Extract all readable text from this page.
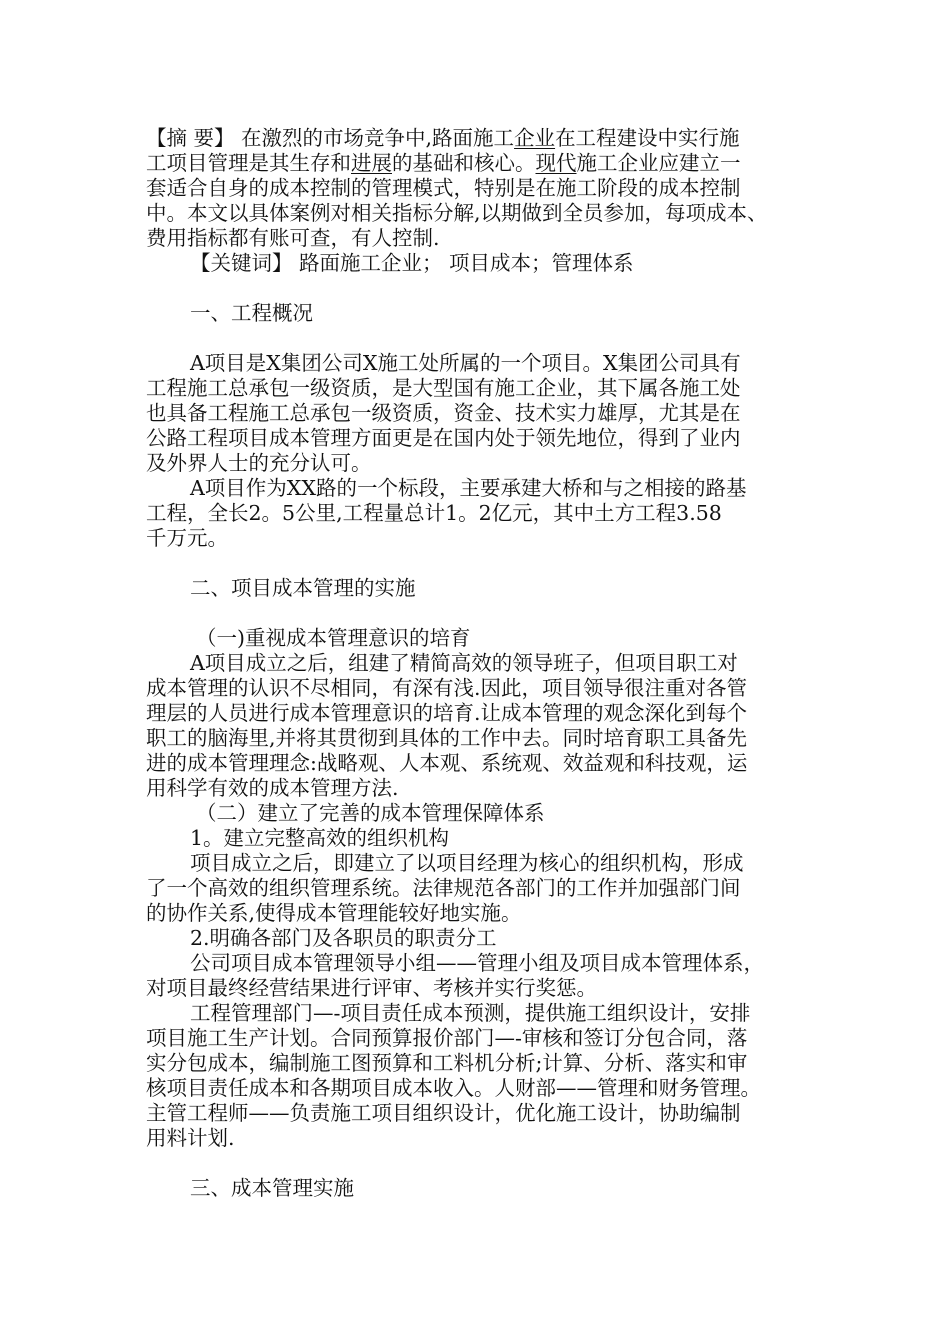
【摘 要】 在激烈的市场竞争中,路面施工企业在工程建设中实行施
工项目管理是其生存和进展的基础和核心。现代施工企业应建立一
套适合自身的成本控制的管理模式，特别是在施工阶段的成本控制
中。本文以具体案例对相关指标分解,以期做到全员参加，每项成本、
费用指标都有账可查，有人控制.
【关键词】 路面施工企业； 项目成本；管理体系
一、工程概况
A项目是X集团公司X施工处所属的一个项目。X集团公司具有
工程施工总承包一级资质，是大型国有施工企业，其下属各施工处
也具备工程施工总承包一级资质，资金、技术实力雄厚，尤其是在
公路工程项目成本管理方面更是在国内处于领先地位，得到了业内
及外界人士的充分认可。
A项目作为XX路的一个标段，主要承建大桥和与之相接的路基
工程，全长2。5公里,工程量总计1。2亿元，其中土方工程3.58
千万元。
二、项目成本管理的实施
（一)重视成本管理意识的培育
A项目成立之后，组建了精简高效的领导班子，但项目职工对
成本管理的认识不尽相同，有深有浅.因此，项目领导很注重对各管
理层的人员进行成本管理意识的培育.让成本管理的观念深化到每个
职工的脑海里,并将其贯彻到具体的工作中去。同时培育职工具备先
进的成本管理理念:战略观、人本观、系统观、效益观和科技观，运
用科学有效的成本管理方法.
（二）建立了完善的成本管理保障体系
1。建立完整高效的组织机构
项目成立之后，即建立了以项目经理为核心的组织机构，形成
了一个高效的组织管理系统。法律规范各部门的工作并加强部门间
的协作关系,使得成本管理能较好地实施。
2.明确各部门及各职员的职责分工
公司项目成本管理领导小组——管理小组及项目成本管理体系，
对项目最终经营结果进行评审、考核并实行奖惩。
工程管理部门—-项目责任成本预测，提供施工组织设计，安排
项目施工生产计划。合同预算报价部门—-审核和签订分包合同，落
实分包成本，编制施工图预算和工料机分析;计算、分析、落实和审
核项目责任成本和各期项目成本收入。人财部——管理和财务管理。
主管工程师——负责施工项目组织设计，优化施工设计，协助编制
用料计划.
三、成本管理实施
